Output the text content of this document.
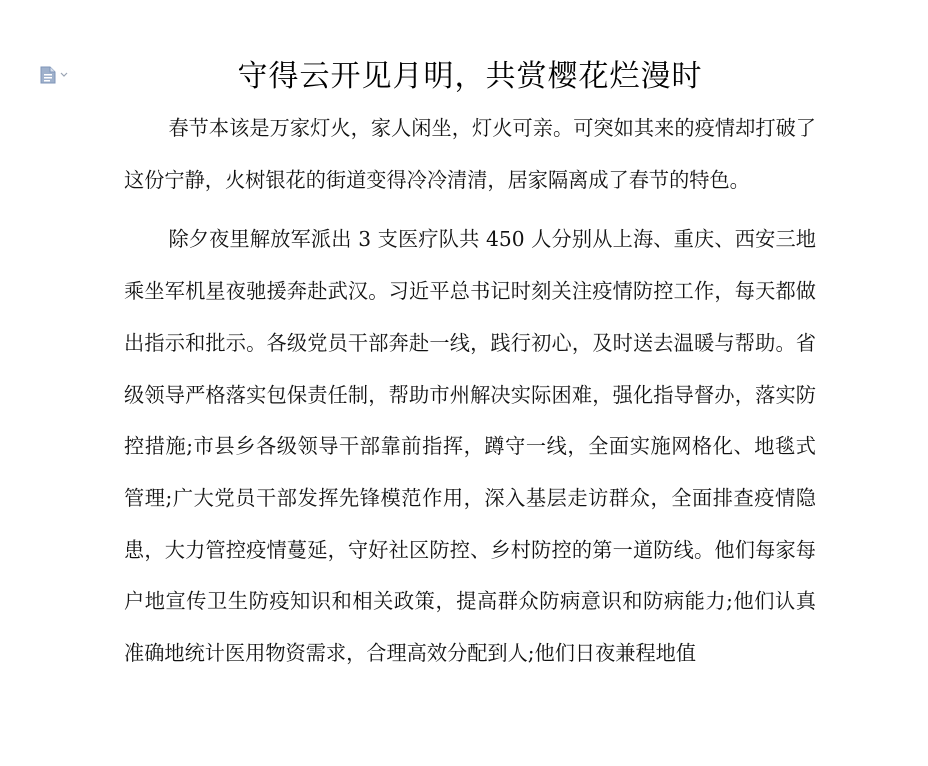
守得云开见月明，共赏樱花烂漫时

春节本该是万家灯火，家人闲坐，灯火可亲。可突如其来的疫情却打破了这份宁静，火树银花的街道变得冷冷清清，居家隔离成了春节的特色。

除夕夜里解放军派出 3 支医疗队共 450 人分别从上海、重庆、西安三地乘坐军机星夜驰援奔赴武汉。习近平总书记时刻关注疫情防控工作，每天都做出指示和批示。各级党员干部奔赴一线，践行初心，及时送去温暖与帮助。省级领导严格落实包保责任制，帮助市州解决实际困难，强化指导督办，落实防控措施;市县乡各级领导干部靠前指挥，蹲守一线，全面实施网格化、地毯式管理;广大党员干部发挥先锋模范作用，深入基层走访群众，全面排查疫情隐患，大力管控疫情蔓延，守好社区防控、乡村防控的第一道防线。他们每家每户地宣传卫生防疫知识和相关政策，提高群众防病意识和防病能力;他们认真准确地统计医用物资需求，合理高效分配到人;他们日夜兼程地值
